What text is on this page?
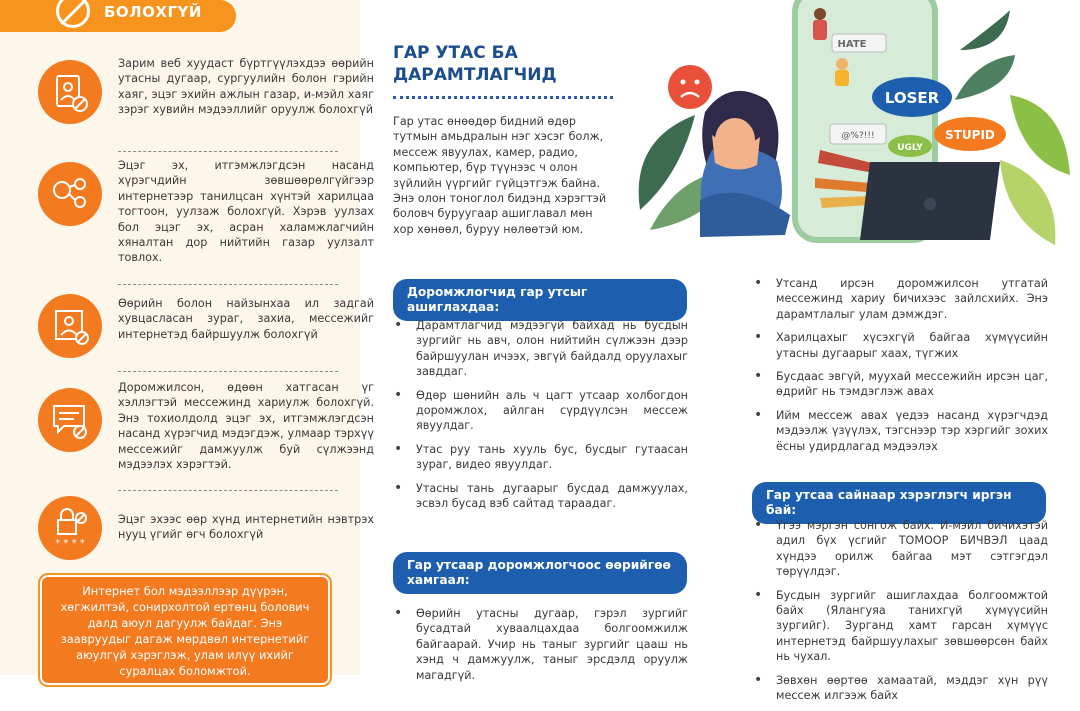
БОЛОХГҮЙ
Зарим веб хуудаст бүртгүүлэхдээ өөрийн утасны дугаар, сургуулийн болон гэрийн хаяг, эцэг эхийн ажлын газар, и-мэйл хаяг зэрэг хувийн мэдээллийг оруулж болохгүй
Эцэг эх, итгэмжлэгдсэн насанд хүрэгчдийн зөвшөөрөлгүйгээр интернетээр танилцсан хүнтэй харилцаа тогтоон, уулзаж болохгүй. Хэрэв уулзах бол эцэг эх, асран халамжлагчийн хяналтан дор нийтийн газар уулзалт товлох.
Өөрийн болон найзынхаа ил задгай хувцасласан зураг, захиа, мессежийг интернетэд байршуулж болохгүй
Доромжилсон, өдөөн хатгасан үг хэллэгтэй мессежинд хариулж болохгүй. Энэ тохиолдолд эцэг эх, итгэмжлэгдсэн насанд хүрэгчид мэдэгдэж, улмаар тэрхүү мессежийг дамжуулж буй сүлжээнд мэдээлэх хэрэгтэй.
* * * *
Эцэг эхээс өөр хүнд интернетийн нэвтрэх нууц үгийг өгч болохгүй
Интернет бол мэдээллээр дүүрэн, хөгжилтэй, сонирхолтой ертөнц болович далд аюул дагуулж байдаг. Энэ заавруудыг дагаж мөрдвөл интернетийг аюулгүй хэрэглэж, улам илүү ихийг суралцах боломжтой.
ГАР УТАС БА ДАРАМТЛАГЧИД
Гар утас өнөөдөр бидний өдөр тутмын амьдралын нэг хэсэг болж, мессеж явуулах, камер, радио, компьютер, бүр түүнээс ч олон зүйлийн үүргийг гүйцэтгэж байна. Энэ олон тоноглол бидэнд хэрэгтэй боловч буруугаар ашиглавал мөн хор хөнөөл, буруу нөлөөтэй юм.
Доромжлогчид гар утсыг ашиглахдаа:
• Дарамтлагчид мэдээгүй байхад нь бусдын зургийг нь авч, олон нийтийн сүлжээн дээр байршуулан ичээх, эвгүй байдалд оруулахыг завддаг.
• Өдөр шөнийн аль ч цагт утсаар холбогдон доромжлох, айлган сүрдүүлсэн мессеж явуулдаг.
• Утас руу тань хууль бус, бусдыг гутаасан зураг, видео явуулдаг.
• Утасны тань дугаарыг бусдад дамжуулах, эсвэл бусад вэб сайтад тараадаг.
Гар утсаар доромжлогчоос өөрийгөө хамгаал:
• Өөрийн утасны дугаар, гэрэл зургийг бусадтай хуваалцахдаа болгоомжилж байгаарай. Учир нь таныг зургийг цааш нь хэнд ч дамжуулж, таныг эрсдэлд оруулж магадгүй.
• Утсанд ирсэн доромжилсон утгатай мессежинд хариу бичихээс зайлсхийх. Энэ дарамтлалыг улам дэмждэг.
• Харилцахыг хүсэхгүй байгаа хүмүүсийн утасны дугаарыг хаах, түгжих
• Бусдаас эвгүй, муухай мессежийн ирсэн цаг, өдрийг нь тэмдэглэж авах
• Ийм мессеж авах үедээ насанд хүрэгчдэд мэдээлж үзүүлэх, тэгснээр тэр хэргийг зохих ёсны удирдлагад мэдээлэх
Гар утсаа сайнаар хэрэглэгч иргэн бай:
• Үгээ мэргэн сонгож байх. И-мэйл бичихэтэй адил бүх үсгийг ТОМООР БИЧВЭЛ цаад хүндээ орилж байгаа мэт сэтгэгдэл төрүүлдэг.
• Бусдын зургийг ашиглахдаа болгоомжтой байх (Ялангуяа танихгүй хүмүүсийн зургийг). Зурганд хамт гарсан хүмүүс интернетэд байршуулахыг зөвшөөрсөн байх нь чухал.
• Зөвхөн өөртөө хамаатай, мэддэг хүн рүү мессеж илгээж байх
HATE
LOSER
@%?!!!
UGLY
STUPID
